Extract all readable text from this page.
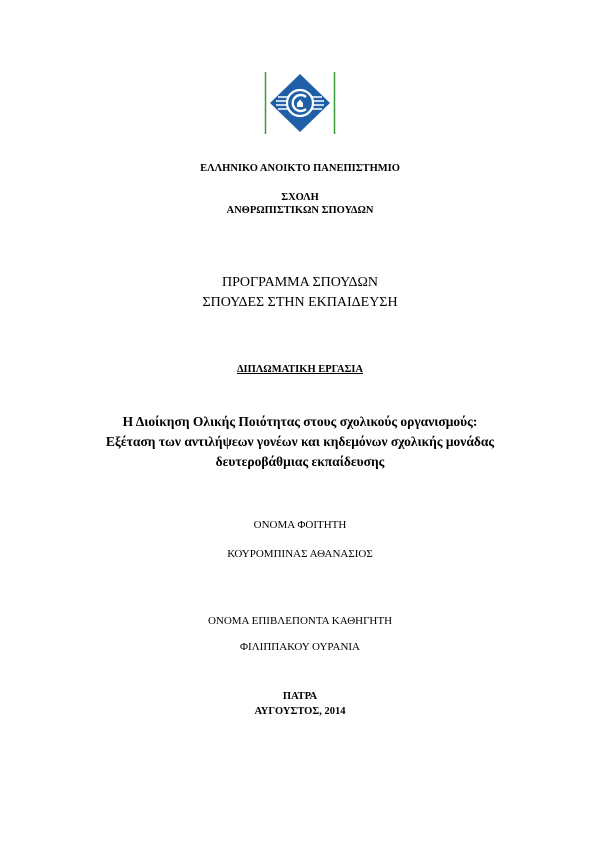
ΕΛΛΗΝΙΚΟ ΑΝΟΙΚΤΟ ΠΑΝΕΠΙΣΤΗΜΙΟ
ΣΧΟΛΗ
ΑΝΘΡΩΠΙΣΤΙΚΩΝ ΣΠΟΥΔΩΝ
ΠΡΟΓΡΑΜΜΑ ΣΠΟΥΔΩΝ
ΣΠΟΥΔΕΣ ΣΤΗΝ ΕΚΠΑΙΔΕΥΣΗ
ΔΙΠΛΩΜΑΤΙΚΗ ΕΡΓΑΣΙΑ
Η Διοίκηση Ολικής Ποιότητας στους σχολικούς οργανισμούς:
Εξέταση των αντιλήψεων γονέων και κηδεμόνων σχολικής μονάδας
δευτεροβάθμιας εκπαίδευσης
ΟΝΟΜΑ ΦΟΙΤΗΤΗ
ΚΟΥΡΟΜΠΙΝΑΣ ΑΘΑΝΑΣΙΟΣ
ΟΝΟΜΑ ΕΠΙΒΛΕΠΟΝΤΑ ΚΑΘΗΓΗΤΗ
ΦΙΛΙΠΠΑΚΟΥ ΟΥΡΑΝΙΑ
ΠΑΤΡΑ
ΑΥΓΟΥΣΤΟΣ, 2014
